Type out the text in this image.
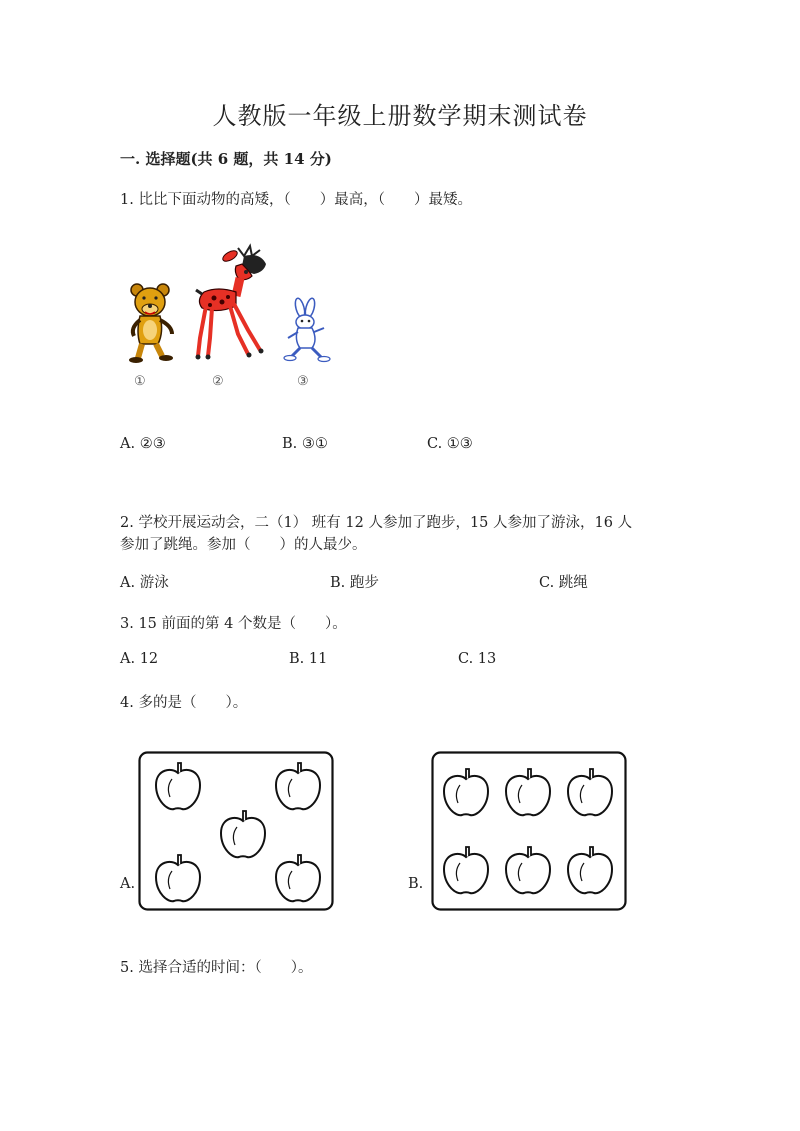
人教版一年级上册数学期末测试卷
一. 选择题(共 6 题，共 14 分)
1. 比比下面动物的高矮，（　　）最高，（　　）最矮。
①	②	③
A. ②③	B. ③①	C. ①③
2. 学校开展运动会，二（1） 班有 12 人参加了跑步，15 人参加了游泳，16 人
参加了跳绳。参加（　　）的人最少。
A. 游泳	B. 跑步	C. 跳绳
3. 15 前面的第 4 个数是（　　）。
A. 12	B. 11	C. 13
4. 多的是（　　）。
A.	B.
5. 选择合适的时间：（　　）。
